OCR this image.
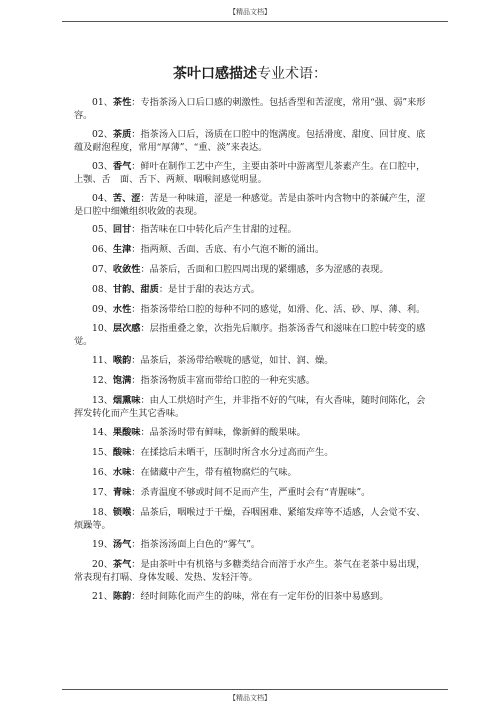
【精品文档】
茶叶口感描述专业术语：

01、茶性：专指茶汤入口后口感的刺激性。包括香型和苦涩度，常用“强、弱”来形容。

02、茶质：指茶汤入口后，汤质在口腔中的饱满度。包括滑度、甜度、回甘度、底蕴及耐泡程度，常用“厚薄”、“重、淡”来表达。

03、香气：鲜叶在制作工艺中产生，主要由茶叶中游离型儿茶素产生。在口腔中，上颚、舌　面、舌下、两颊、咽喉间感觉明显。

04、苦、涩：苦是一种味道，涩是一种感觉。苦是由茶叶内含物中的茶碱产生，涩是口腔中细嫩组织收敛的表现。

05、回甘：指苦味在口中转化后产生甘甜的过程。

06、生津：指两颊、舌面、舌底、有小气泡不断的涌出。

07、收敛性：品茶后，舌面和口腔四周出现的紧绷感，多为涩感的表现。

08、甘韵、甜质：是甘于甜的表达方式。

09、水性：指茶汤带给口腔的每种不同的感觉，如滑、化、活、砂、厚、薄、利。

10、层次感：层指重叠之象，次指先后顺序。指茶汤香气和滋味在口腔中转变的感觉。

11、喉韵：品茶后，茶汤带给喉咙的感觉，如甘、润、燥。

12、饱满：指茶汤物质丰富而带给口腔的一种充实感。

13、烟熏味：由人工烘焙时产生，并非指不好的气味，有火香味，随时间陈化，会挥发转化而产生其它香味。

14、果酸味：品茶汤时带有鲜味，像新鲜的酸果味。

15、酸味：在揉捻后未晒干，压制时所含水分过高而产生。

16、水味：在储藏中产生，带有植物腐烂的气味。

17、青味：杀青温度不够或时间不足而产生，严重时会有“青腥味”。

18、锁喉：品茶后，咽喉过于干燥，吞咽困难、紧缩发痒等不适感，人会觉不安、烦躁等。

19、汤气：指茶汤汤面上白色的“雾气”。

20、茶气：是由茶叶中有机铬与多糖类结合而溶于水产生。茶气在老茶中易出现，常表现有打嗝、身体发暖、发热、发轻汗等。

21、陈韵：经时间陈化而产生的韵味，常在有一定年份的旧茶中易感到。

【精品文档】
